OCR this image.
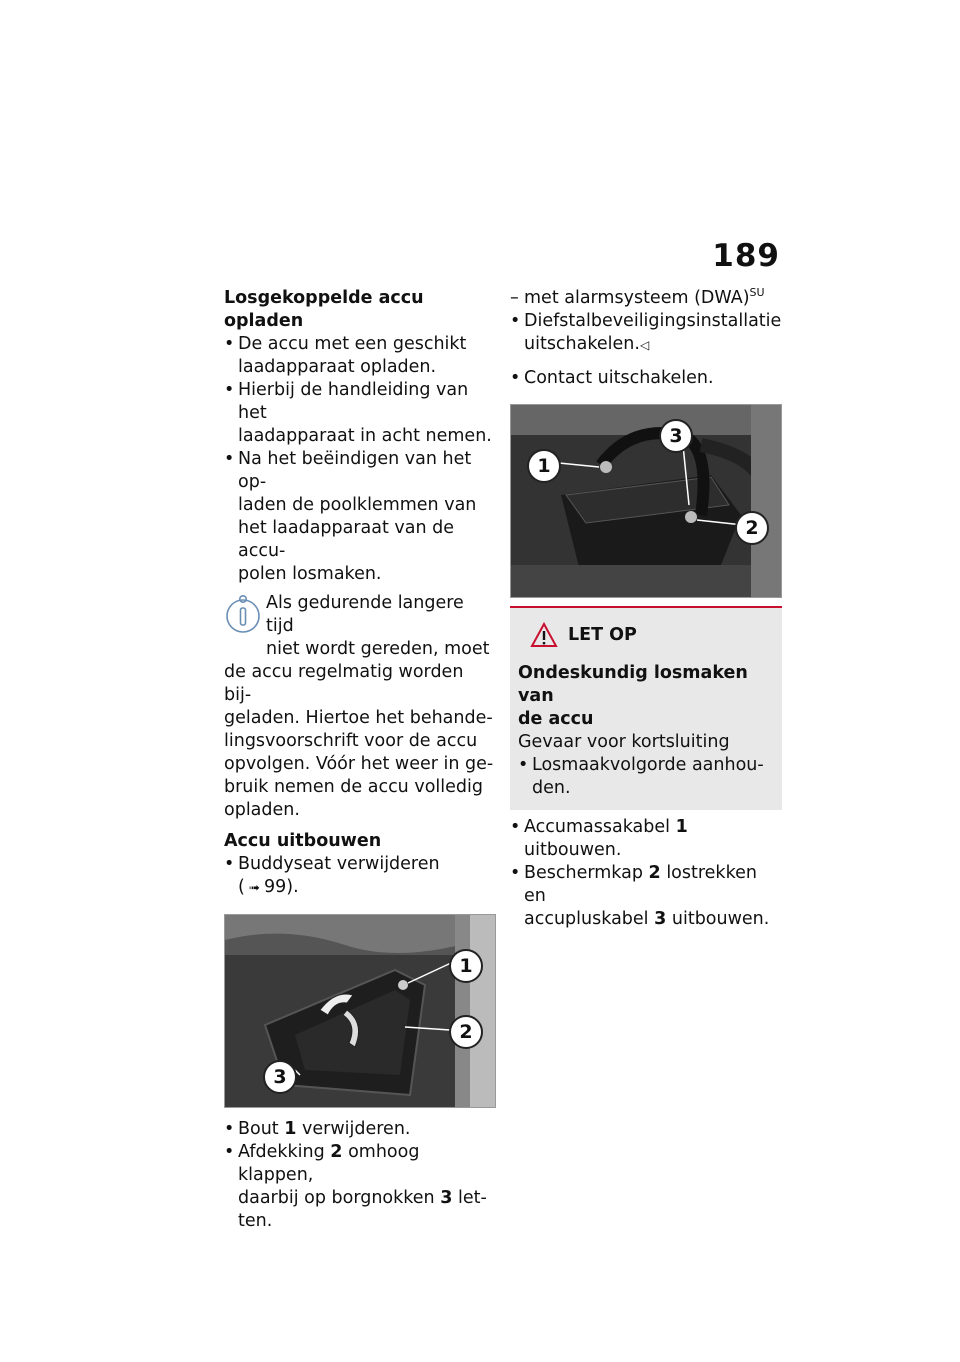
189
Losgekoppelde accu opladen
• De accu met een geschikt
laadapparaat opladen.
• Hierbij de handleiding van het
laadapparaat in acht nemen.
• Na het beëindigen van het op-
laden de poolklemmen van
het laadapparaat van de accu-
polen losmaken.
Als gedurende langere tijd
niet wordt gereden, moet
de accu regelmatig worden bij-
geladen. Hiertoe het behande-
lingsvoorschrift voor de accu
opvolgen. Vóór het weer in ge-
bruik nemen de accu volledig
opladen.
Accu uitbouwen
• Buddyseat verwijderen
( ➟ 99).
1
2
3
• Bout 1 verwijderen.
• Afdekking 2 omhoog klappen,
daarbij op borgnokken 3 let-
ten.
– met alarmsysteem (DWA)$^{SU}$
• Diefstalbeveiligingsinstallatie
uitschakelen.◁
• Contact uitschakelen.
1
2
3
LET OP
Ondeskundig losmaken van
de accu
Gevaar voor kortsluiting
• Losmaakvolgorde aanhou-
den.
• Accumassakabel 1 uitbouwen.
• Beschermkap 2 lostrekken en
accupluskabel 3 uitbouwen.
